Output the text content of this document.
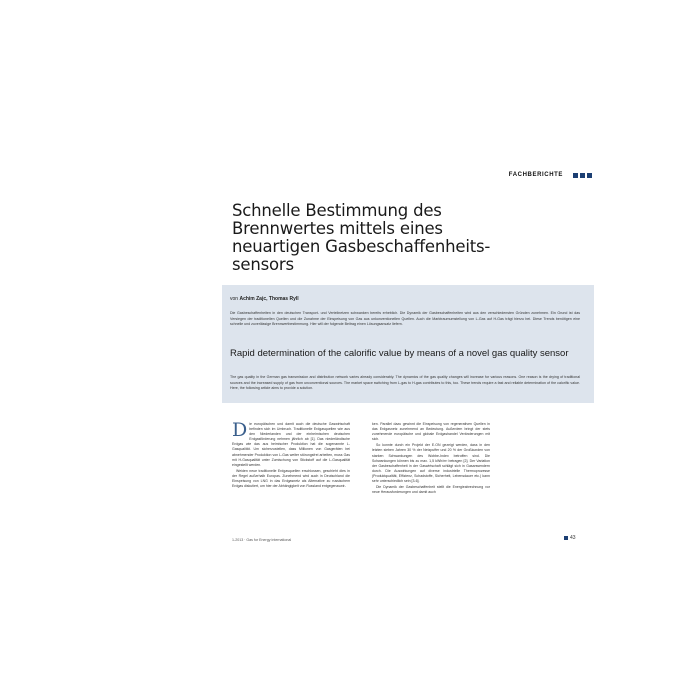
FACHBERICHTE
Schnelle Bestimmung des Brennwertes mittels eines neuartigen Gasbeschaffenheits- sensors
von Achim Zajc, Thomas Ryll
Die Gasbeschaffenheiten in den deutschen Transport- und Verteilnetzen schwanken bereits erheblich. Die Dynamik der Gasbeschaffenheiten wird aus den verschiedensten Gründen zunehmen. Ein Grund ist das Versiegen der traditionellen Quellen und die Zunahme der Einspeisung von Gas aus unkonventionellen Quellen. Auch die Marktraumumstellung von L-Gas auf H-Gas trägt hierzu bei. Diese Trends benötigen eine schnelle und zuverlässige Brennwertbestimmung. Hier will der folgende Beitrag einen Lösungsansatz liefern.
Rapid determination of the calorific value by means of a novel gas quality sensor
The gas quality in the German gas transmission and distribution network varies already considerably. The dynamics of the gas quality changes will increase for various reasons. One reason is the drying of traditional sources and the increased supply of gas from unconventional sources. The market space switching from L-gas to H-gas contributes to this, too. These trends require a fast and reliable determination of the calorific value. Here, the following article aims to provide a solution.

Die europäischen und damit auch die deutsche Gaswirtschaft befinden sich im Umbruch. Traditionelle Erdgasquellen wie aus den Niederlanden und der einheimischen deutschen Erdgasförderung nehmen jährlich ab [1]. Das niederländische Erdgas wie das aus heimischer Produktion hat die sogenannte L-Gasqualität. Um sicherzustellen, dass Millionen von Gasgeräten bei abnehmender Produktion von L-Gas weiter störungsfrei arbeiten, muss Gas mit H-Gasqualität unter Zumischung von Stickstoff auf die L-Gasqualität eingestellt werden.

Weiden neue traditionelle Erdgasquellen erschlossen, geschieht dies in der Regel außerhalb Europas. Zunehmend wird auch in Deutschland die Einspeisung von LNG in das Erdgasnetz als Alternative zu russischem Erdgas diskutiert, um hier der Abhängigkeit von Russland entgegenzuwir-

ken. Parallel dazu gewinnt die Einspeisung von regenerativen Quellen in das Erdgasnetz zunehmend an Bedeutung. Außerdem bringt der stets zunehmende europäische und globale Erdgashandel Veränderungen mit sich.

So konnte durch ein Projekt der E.ON gezeigt werden, dass in den letzten sieben Jahren 30 % der Netzpuffer und 20 % der Großkunden von starken Schwankungen des Wobbe-Index betroffen sind. Die Schwankungen können bis zu max. 1,5 kWh/m³ betragen [2]. Der Variation der Gasbeschaffenheit in der Gaswirtschaft schlägt sich in Gasanwendern durch. Die Auswirkungen auf diverse industrielle Thermoprozesse (Produktqualität, Effizienz, Schadstoffe, Sicherheit, Lebensdauer etc.) kann sehr unterschiedlich sein [3-6].

Die Dynamik der Gasbeschaffenheit stellt die Energieabrechnung vor neue Herausforderungen und damit auch

1-2013 · Gas for Energy international	43
